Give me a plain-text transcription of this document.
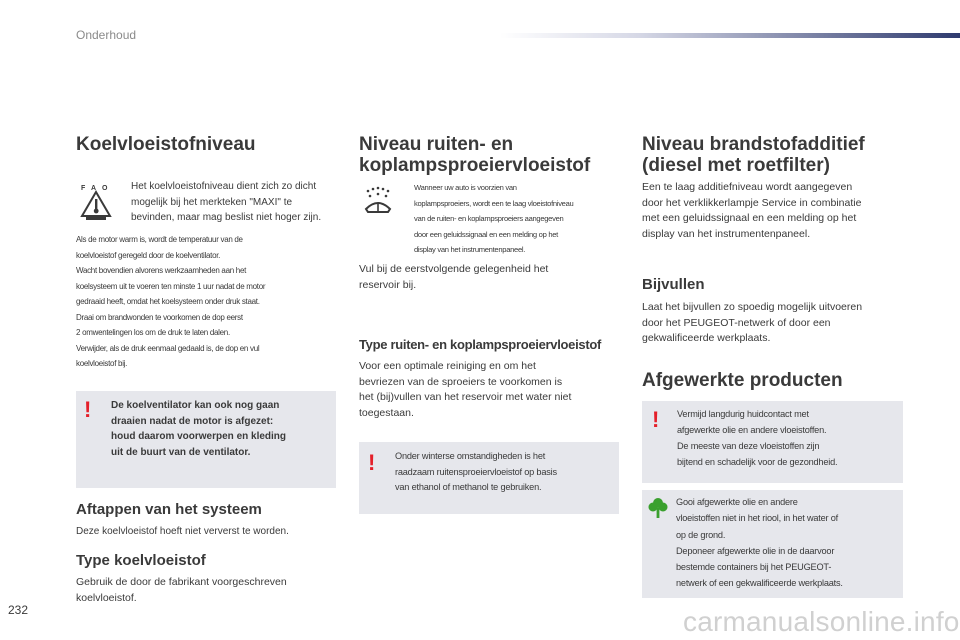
Onderhoud
Koelvloeistofniveau
F A O Het koelvloeistofniveau dient zich zo dicht
mogelijk bij het merkteken "MAXI" te
bevinden, maar mag beslist niet hoger zijn.
Als de motor warm is, wordt de temperatuur van de
koelvloeistof geregeld door de koelventilator.
Wacht bovendien alvorens werkzaamheden aan het
koelsysteem uit te voeren ten minste 1 uur nadat de motor
gedraaid heeft, omdat het koelsysteem onder druk staat.
Draai om brandwonden te voorkomen de dop eerst
2 omwentelingen los om de druk te laten dalen.
Verwijder, als de druk eenmaal gedaald is, de dop en vul
koelvloeistof bij.
! De koelventilator kan ook nog gaan
draaien nadat de motor is afgezet:
houd daarom voorwerpen en kleding
uit de buurt van de ventilator.
Aftappen van het systeem
Deze koelvloeistof hoeft niet ververst te worden.
Type koelvloeistof
Gebruik de door de fabrikant voorgeschreven
koelvloeistof.
Niveau ruiten- en
koplampsproeiervloeistof
Wanneer uw auto is voorzien van
koplampsproeiers, wordt een te laag vloeistofniveau
van de ruiten- en koplampsproeiers aangegeven
door een geluidssignaal en een melding op het
display van het instrumentenpaneel.
Vul bij de eerstvolgende gelegenheid het
reservoir bij.
Type ruiten- en koplampsproeiervloeistof
Voor een optimale reiniging en om het
bevriezen van de sproeiers te voorkomen is
het (bij)vullen van het reservoir met water niet
toegestaan.
! Onder winterse omstandigheden is het
raadzaam ruitensproeiervloeistof op basis
van ethanol of methanol te gebruiken.
Niveau brandstofadditief
(diesel met roetfilter)
Een te laag additiefniveau wordt aangegeven
door het verklikkerlampje Service in combinatie
met een geluidssignaal en een melding op het
display van het instrumentenpaneel.
Bijvullen
Laat het bijvullen zo spoedig mogelijk uitvoeren
door het PEUGEOT-netwerk of door een
gekwalificeerde werkplaats.
Afgewerkte producten
! Vermijd langdurig huidcontact met
afgewerkte olie en andere vloeistoffen.
De meeste van deze vloeistoffen zijn
bijtend en schadelijk voor de gezondheid.
Gooi afgewerkte olie en andere
vloeistoffen niet in het riool, in het water of
op de grond.
Deponeer afgewerkte olie in de daarvoor
bestemde containers bij het PEUGEOT-
netwerk of een gekwalificeerde werkplaats.
232	carmanualsonline.info
